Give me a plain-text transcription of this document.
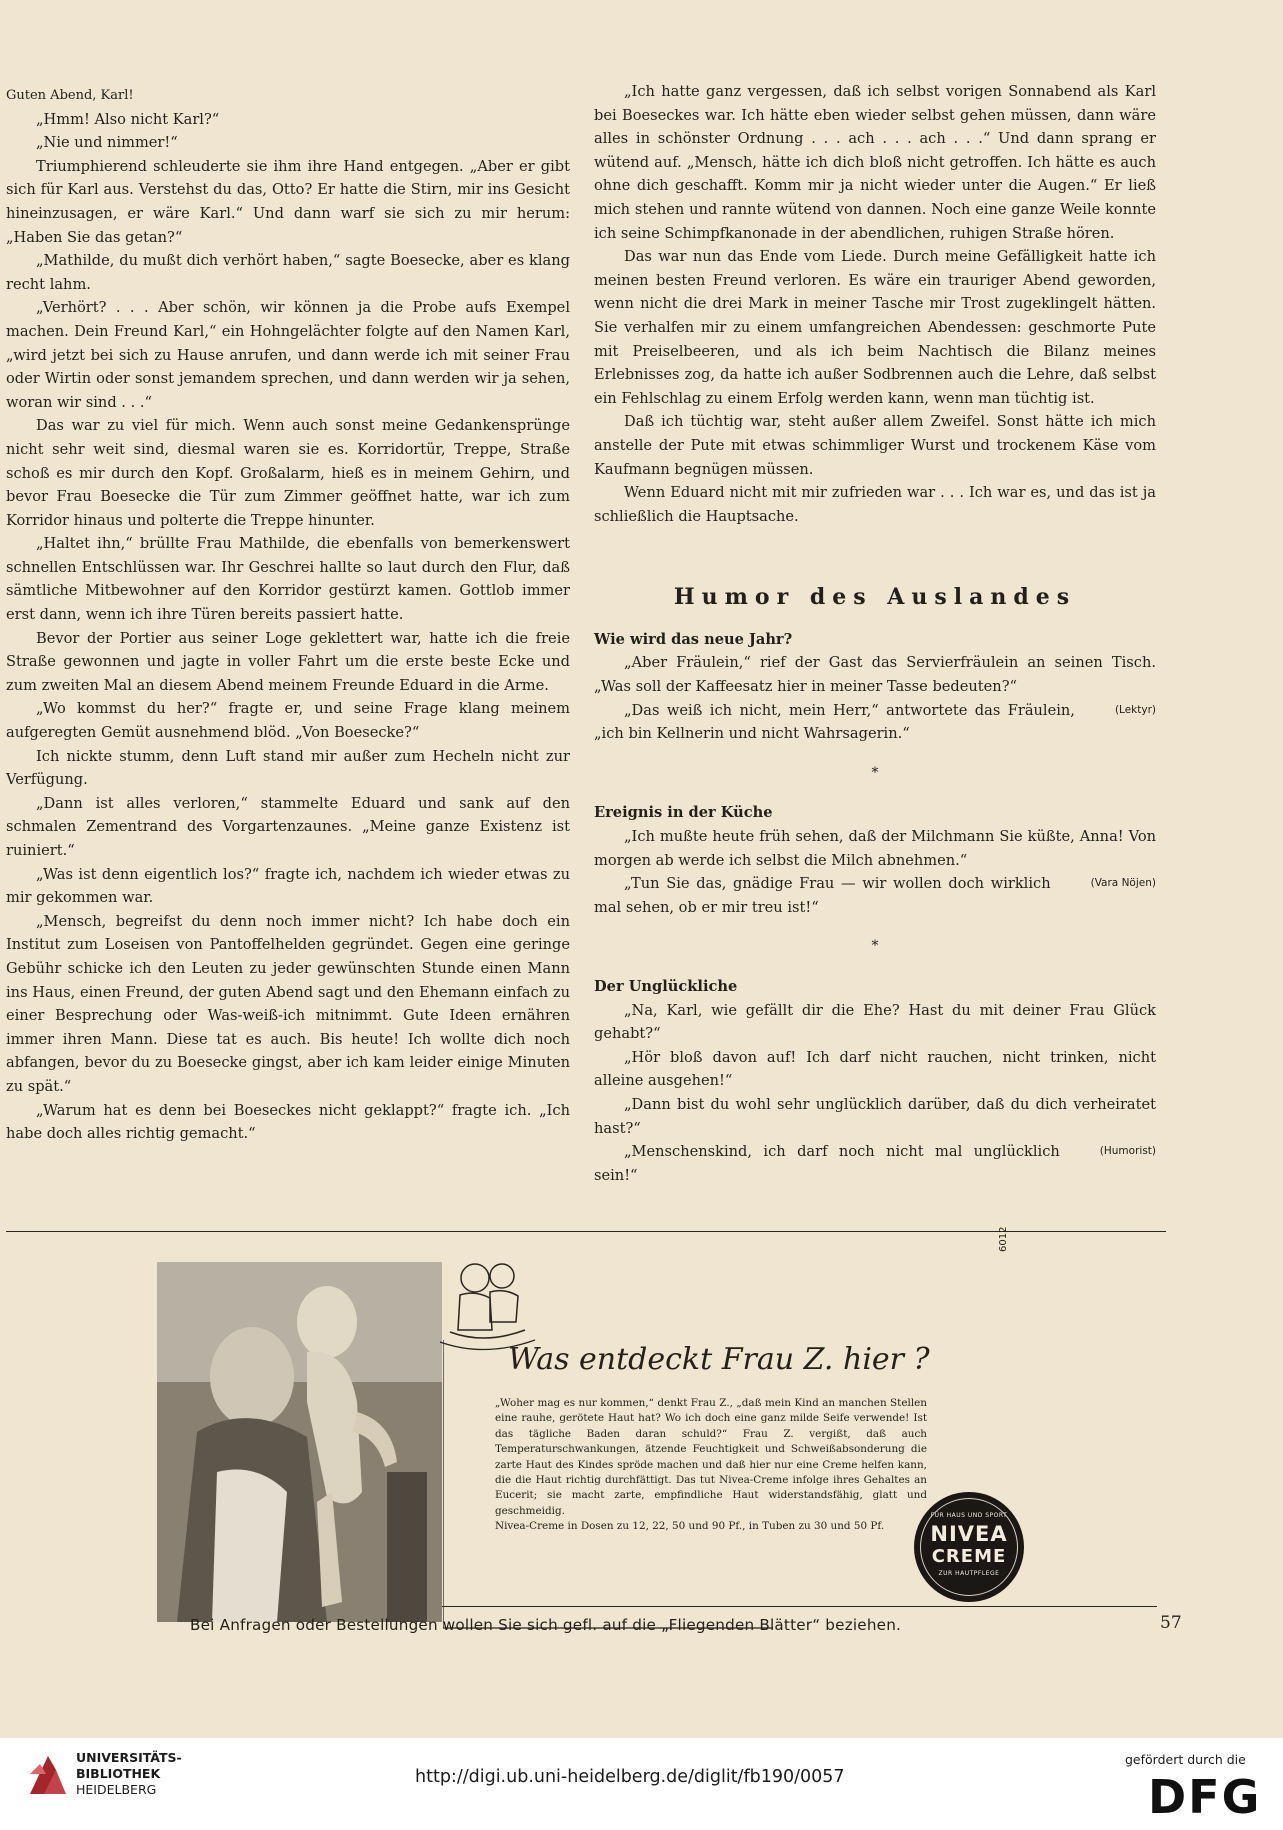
Guten Abend, Karl!

„Hmm! Also nicht Karl?“

„Nie und nimmer!“

Triumphierend schleuderte sie ihm ihre Hand entgegen. „Aber er gibt sich für Karl aus. Verstehst du das, Otto? Er hatte die Stirn, mir ins Gesicht hineinzusagen, er wäre Karl.“ Und dann warf sie sich zu mir herum: „Haben Sie das getan?“

„Mathilde, du mußt dich verhört haben,“ sagte Boesecke, aber es klang recht lahm.

„Verhört? . . . Aber schön, wir können ja die Probe aufs Exempel machen. Dein Freund Karl,“ ein Hohngelächter folgte auf den Namen Karl, „wird jetzt bei sich zu Hause anrufen, und dann werde ich mit seiner Frau oder Wirtin oder sonst jemandem sprechen, und dann werden wir ja sehen, woran wir sind . . .“

Das war zu viel für mich. Wenn auch sonst meine Gedankensprünge nicht sehr weit sind, diesmal waren sie es. Korridortür, Treppe, Straße schoß es mir durch den Kopf. Großalarm, hieß es in meinem Gehirn, und bevor Frau Boesecke die Tür zum Zimmer geöffnet hatte, war ich zum Korridor hinaus und polterte die Treppe hinunter.

„Haltet ihn,“ brüllte Frau Mathilde, die ebenfalls von bemerkenswert schnellen Entschlüssen war. Ihr Geschrei hallte so laut durch den Flur, daß sämtliche Mitbewohner auf den Korridor gestürzt kamen. Gottlob immer erst dann, wenn ich ihre Türen bereits passiert hatte.

Bevor der Portier aus seiner Loge geklettert war, hatte ich die freie Straße gewonnen und jagte in voller Fahrt um die erste beste Ecke und zum zweiten Mal an diesem Abend meinem Freunde Eduard in die Arme.

„Wo kommst du her?“ fragte er, und seine Frage klang meinem aufgeregten Gemüt ausnehmend blöd. „Von Boesecke?“

Ich nickte stumm, denn Luft stand mir außer zum Hecheln nicht zur Verfügung.

„Dann ist alles verloren,“ stammelte Eduard und sank auf den schmalen Zementrand des Vorgartenzaunes. „Meine ganze Existenz ist ruiniert.“

„Was ist denn eigentlich los?“ fragte ich, nachdem ich wieder etwas zu mir gekommen war.

„Mensch, begreifst du denn noch immer nicht? Ich habe doch ein Institut zum Loseisen von Pantoffelhelden gegründet. Gegen eine geringe Gebühr schicke ich den Leuten zu jeder gewünschten Stunde einen Mann ins Haus, einen Freund, der guten Abend sagt und den Ehemann einfach zu einer Besprechung oder Was-weiß-ich mitnimmt. Gute Ideen ernähren immer ihren Mann. Diese tat es auch. Bis heute! Ich wollte dich noch abfangen, bevor du zu Boesecke gingst, aber ich kam leider einige Minuten zu spät.“

„Warum hat es denn bei Boeseckes nicht geklappt?“ fragte ich. „Ich habe doch alles richtig gemacht.“

„Ich hatte ganz vergessen, daß ich selbst vorigen Sonnabend als Karl bei Boeseckes war. Ich hätte eben wieder selbst gehen müssen, dann wäre alles in schönster Ordnung . . . ach . . . ach . . .“ Und dann sprang er wütend auf. „Mensch, hätte ich dich bloß nicht getroffen. Ich hätte es auch ohne dich geschafft. Komm mir ja nicht wieder unter die Augen.“ Er ließ mich stehen und rannte wütend von dannen. Noch eine ganze Weile konnte ich seine Schimpfkanonade in der abendlichen, ruhigen Straße hören.

Das war nun das Ende vom Liede. Durch meine Gefälligkeit hatte ich meinen besten Freund verloren. Es wäre ein trauriger Abend geworden, wenn nicht die drei Mark in meiner Tasche mir Trost zugeklingelt hätten. Sie verhalfen mir zu einem umfangreichen Abendessen: geschmorte Pute mit Preiselbeeren, und als ich beim Nachtisch die Bilanz meines Erlebnisses zog, da hatte ich außer Sodbrennen auch die Lehre, daß selbst ein Fehlschlag zu einem Erfolg werden kann, wenn man tüchtig ist.

Daß ich tüchtig war, steht außer allem Zweifel. Sonst hätte ich mich anstelle der Pute mit etwas schimmliger Wurst und trockenem Käse vom Kaufmann begnügen müssen.

Wenn Eduard nicht mit mir zufrieden war . . . Ich war es, und das ist ja schließlich die Hauptsache.

Humor des Auslandes

Wie wird das neue Jahr?

„Aber Fräulein,“ rief der Gast das Servierfräulein an seinen Tisch. „Was soll der Kaffeesatz hier in meiner Tasse bedeuten?“

(Lektyr)
„Das weiß ich nicht, mein Herr,“ antwortete das Fräulein, „ich bin Kellnerin und nicht Wahrsagerin.“

*

Ereignis in der Küche

„Ich mußte heute früh sehen, daß der Milchmann Sie küßte, Anna! Von morgen ab werde ich selbst die Milch abnehmen.“

(Vara Nöjen)
„Tun Sie das, gnädige Frau — wir wollen doch wirklich mal sehen, ob er mir treu ist!“

*

Der Unglückliche

„Na, Karl, wie gefällt dir die Ehe? Hast du mit deiner Frau Glück gehabt?“

„Hör bloß davon auf! Ich darf nicht rauchen, nicht trinken, nicht alleine ausgehen!“

„Dann bist du wohl sehr unglücklich darüber, daß du dich verheiratet hast?“

(Humorist)
„Menschenskind, ich darf noch nicht mal unglücklich sein!“

Was entdeckt Frau Z. hier ?

„Woher mag es nur kommen,“ denkt Frau Z., „daß mein Kind an manchen Stellen eine rauhe, gerötete Haut hat? Wo ich doch eine ganz milde Seife verwende! Ist das tägliche Baden daran schuld?“ Frau Z. vergißt, daß auch Temperaturschwankungen, ätzende Feuchtigkeit und Schweißabsonderung die zarte Haut des Kindes spröde machen und daß hier nur eine Creme helfen kann, die die Haut richtig durchfättigt. Das tut Nivea-Creme infolge ihres Gehaltes an Eucerit; sie macht zarte, empfindliche Haut widerstandsfähig, glatt und geschmeidig.

Nivea-Creme in Dosen zu 12, 22, 50 und 90 Pf., in Tuben zu 30 und 50 Pf.

FÜR HAUS UND SPORT
NIVEA
CREME
ZUR HAUTPFLEGE
6012
Bei Anfragen oder Bestellungen wollen Sie sich gefl. auf die „Fliegenden Blätter“ beziehen.	57
UNIVERSITÄTS-
BIBLIOTHEK
HEIDELBERG
http://digi.ub.uni-heidelberg.de/diglit/fb190/0057
gefördert durch die
DFG
